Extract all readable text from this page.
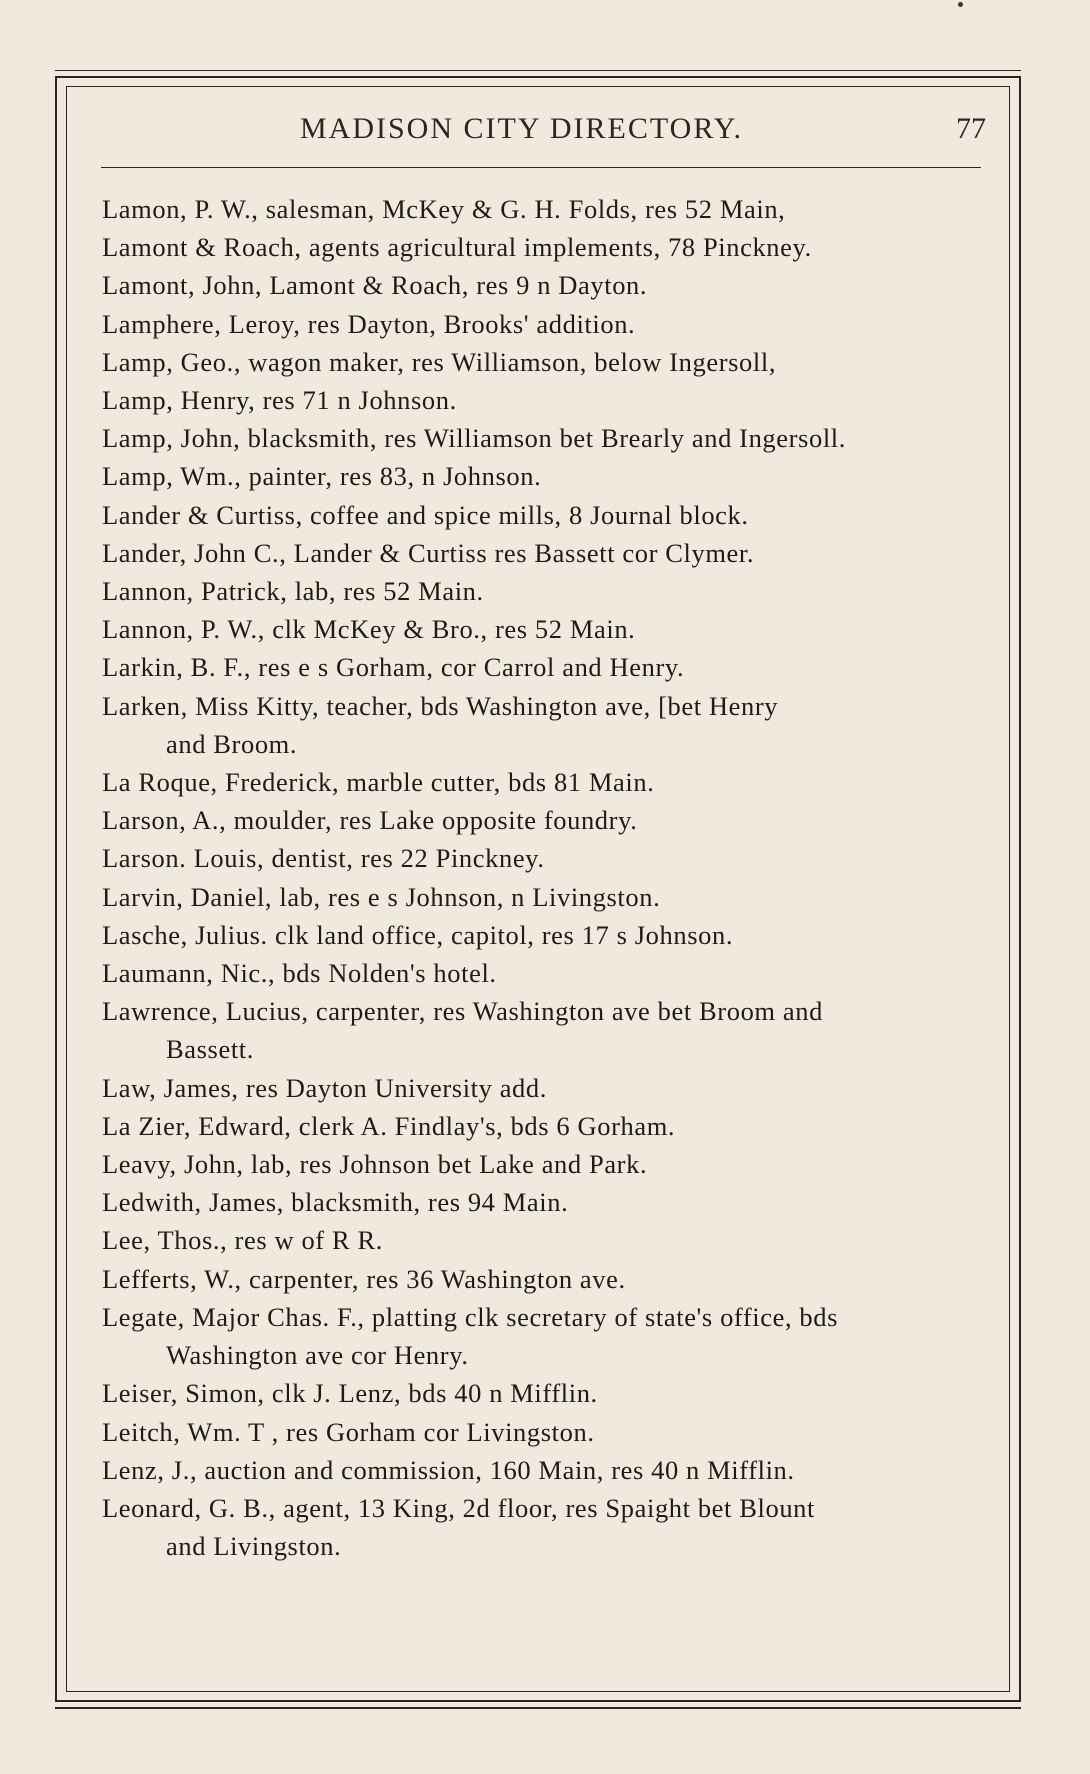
MADISON CITY DIRECTORY.	77
Lamon, P. W., salesman, McKey & G. H. Folds, res 52 Main,
Lamont & Roach, agents agricultural implements, 78 Pinckney.
Lamont, John, Lamont & Roach, res 9 n Dayton.
Lamphere, Leroy, res Dayton, Brooks' addition.
Lamp, Geo., wagon maker, res Williamson, below Ingersoll,
Lamp, Henry, res 71 n Johnson.
Lamp, John, blacksmith, res Williamson bet Brearly and Ingersoll.
Lamp, Wm., painter, res 83, n Johnson.
Lander & Curtiss, coffee and spice mills, 8 Journal block.
Lander, John C., Lander & Curtiss res Bassett cor Clymer.
Lannon, Patrick, lab, res 52 Main.
Lannon, P. W., clk McKey & Bro., res 52 Main.
Larkin, B. F., res e s Gorham, cor Carrol and Henry.
Larken, Miss Kitty, teacher, bds Washington ave, [bet Henry
and Broom.
La Roque, Frederick, marble cutter, bds 81 Main.
Larson, A., moulder, res Lake opposite foundry.
Larson. Louis, dentist, res 22 Pinckney.
Larvin, Daniel, lab, res e s Johnson, n Livingston.
Lasche, Julius. clk land office, capitol, res 17 s Johnson.
Laumann, Nic., bds Nolden's hotel.
Lawrence, Lucius, carpenter, res Washington ave bet Broom and
Bassett.
Law, James, res Dayton University add.
La Zier, Edward, clerk A. Findlay's, bds 6 Gorham.
Leavy, John, lab, res Johnson bet Lake and Park.
Ledwith, James, blacksmith, res 94 Main.
Lee, Thos., res w of R R.
Lefferts, W., carpenter, res 36 Washington ave.
Legate, Major Chas. F., platting clk secretary of state's office, bds
Washington ave cor Henry.
Leiser, Simon, clk J. Lenz, bds 40 n Mifflin.
Leitch, Wm. T , res Gorham cor Livingston.
Lenz, J., auction and commission, 160 Main, res 40 n Mifflin.
Leonard, G. B., agent, 13 King, 2d floor, res Spaight bet Blount
and Livingston.
